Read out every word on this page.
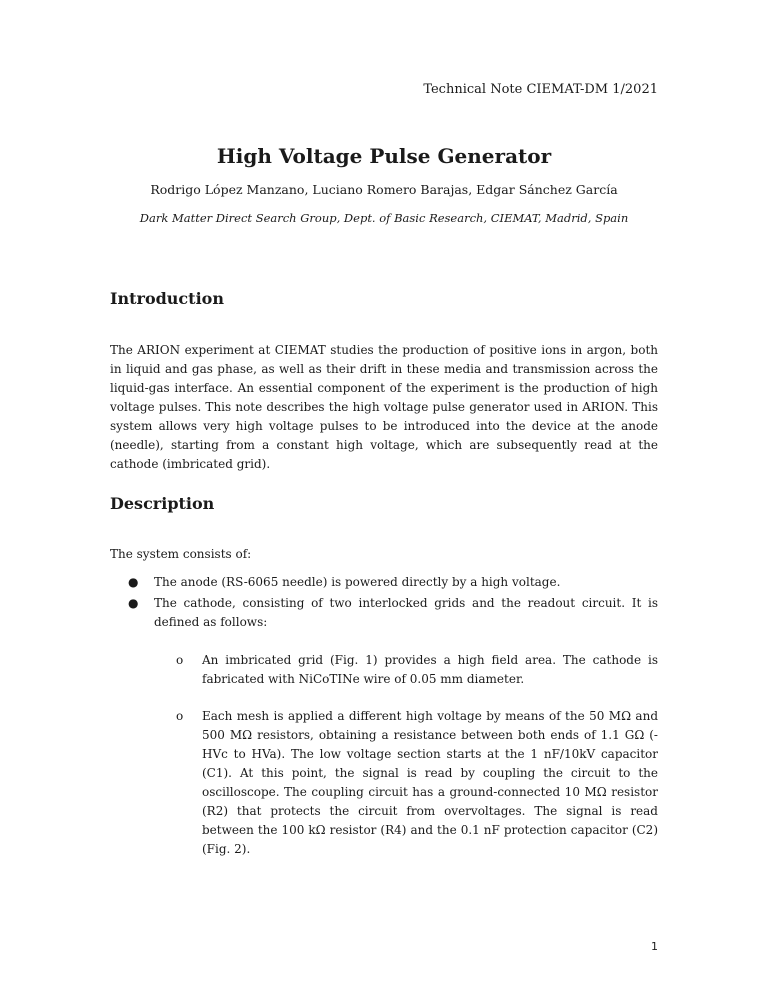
Technical Note CIEMAT-DM 1/2021
High Voltage Pulse Generator
Rodrigo López Manzano, Luciano Romero Barajas, Edgar Sánchez García
Dark Matter Direct Search Group, Dept. of Basic Research, CIEMAT, Madrid, Spain
Introduction

The ARION experiment at CIEMAT studies the production of positive ions in argon, both in liquid and gas phase, as well as their drift in these media and transmission across the liquid-gas interface. An essential component of the experiment is the production of high voltage pulses. This note describes the high voltage pulse generator used in ARION. This system allows very high voltage pulses to be introduced into the device at the anode (needle), starting from a constant high voltage, which are subsequently read at the cathode (imbricated grid).

Description

The system consists of:

● The anode (RS-6065 needle) is powered directly by a high voltage.
● The cathode, consisting of two interlocked grids and the readout circuit. It is defined as follows:
o An imbricated grid (Fig. 1) provides a high field area. The cathode is fabricated with NiCoTINe wire of 0.05 mm diameter.
o Each mesh is applied a different high voltage by means of the 50 MΩ and 500 MΩ resistors, obtaining a resistance between both ends of 1.1 GΩ (-HVc to HVa). The low voltage section starts at the 1 nF/10kV capacitor (C1). At this point, the signal is read by coupling the circuit to the oscilloscope. The coupling circuit has a ground-connected 10 MΩ resistor (R2) that protects the circuit from overvoltages. The signal is read between the 100 kΩ resistor (R4) and the 0.1 nF protection capacitor (C2) (Fig. 2).
1
